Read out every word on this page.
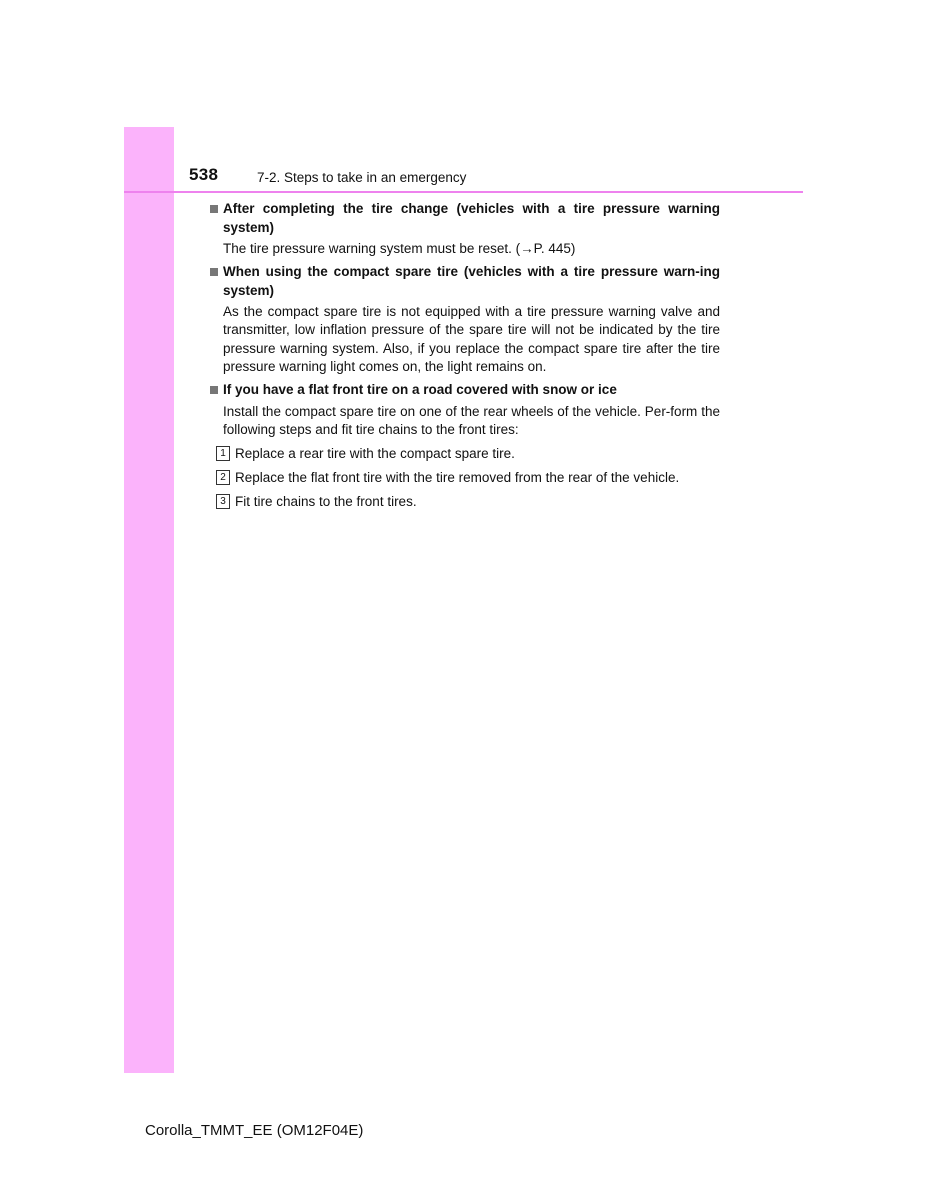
538	7-2. Steps to take in an emergency
After completing the tire change (vehicles with a tire pressure warning system)
The tire pressure warning system must be reset. (→P. 445)
When using the compact spare tire (vehicles with a tire pressure warn-ing system)
As the compact spare tire is not equipped with a tire pressure warning valve and transmitter, low inflation pressure of the spare tire will not be indicated by the tire pressure warning system. Also, if you replace the compact spare tire after the tire pressure warning light comes on, the light remains on.
If you have a flat front tire on a road covered with snow or ice
Install the compact spare tire on one of the rear wheels of the vehicle. Per-form the following steps and fit tire chains to the front tires:
1 Replace a rear tire with the compact spare tire.
2 Replace the flat front tire with the tire removed from the rear of the vehicle.
3 Fit tire chains to the front tires.
Corolla_TMMT_EE (OM12F04E)
